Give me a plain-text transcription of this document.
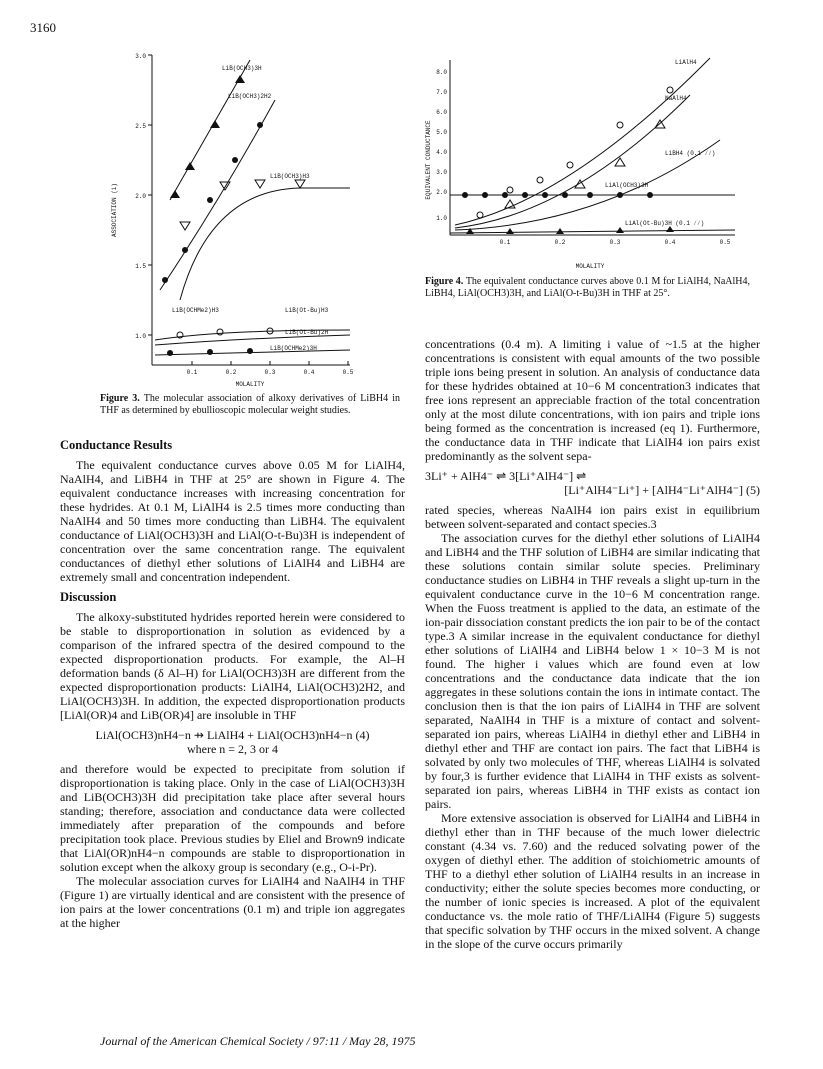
3160
LiB(OCH3)3H
LiB(OCH3)2H2
LiB(OCH3)H3
LiB(OCHMe2)H3	LiB(Ot-Bu)H3
LiB(Ot-Bu)2H
LiB(OCHMe2)3H
3.0
2.5
2.0
1.5
1.0
0.1	0.2	0.3	0.4	0.5
MOLALITY
ASSOCIATION (i)
Figure 3. The molecular association of alkoxy derivatives of LiBH4 in THF as determined by ebullioscopic molecular weight studies.
LiAlH4
NaAlH4
LiBH4 (0.1 ⁄⁄)
LiAl(OCH3)3H
LiAl(Ot-Bu)3H (0.1 ⁄⁄)
8.0
7.0
6.0
5.0
4.0
3.0
2.0
1.0
0.1	0.2	0.3	0.4	0.5
MOLALITY
EQUIVALENT CONDUCTANCE
Figure 4. The equivalent conductance curves above 0.1 M for LiAlH4, NaAlH4, LiBH4, LiAl(OCH3)3H, and LiAl(O-t-Bu)3H in THF at 25°.
Conductance Results

The equivalent conductance curves above 0.05 M for LiAlH4, NaAlH4, and LiBH4 in THF at 25° are shown in Figure 4. The equivalent conductance increases with increasing concentration for these hydrides. At 0.1 M, LiAlH4 is 2.5 times more conducting than NaAlH4 and 50 times more conducting than LiBH4. The equivalent conductance of LiAl(OCH3)3H and LiAl(O-t-Bu)3H is independent of concentration over the same concentration range. The equivalent conductances of diethyl ether solutions of LiAlH4 and LiBH4 are extremely small and concentration independent.

Discussion

The alkoxy-substituted hydrides reported herein were considered to be stable to disproportionation in solution as evidenced by a comparison of the infrared spectra of the desired compound to the expected disproportionation products. For example, the Al–H deformation bands (δ Al–H) for LiAl(OCH3)3H are different from the expected disproportionation products: LiAlH4, LiAl(OCH3)2H2, and LiAl(OCH3)3H. In addition, the expected disproportionation products [LiAl(OR)4 and LiB(OR)4] are insoluble in THF

LiAl(OCH3)nH4−n ⇸ LiAlH4 + LiAl(OCH3)nH4−n (4)
where n = 2, 3 or 4

and therefore would be expected to precipitate from solution if disproportionation is taking place. Only in the case of LiAl(OCH3)3H and LiB(OCH3)3H did precipitation take place after several hours standing; therefore, association and conductance data were collected immediately after preparation of the compounds and before precipitation took place. Previous studies by Eliel and Brown9 indicate that LiAl(OR)nH4−n compounds are stable to disproportionation in solution except when the alkoxy group is secondary (e.g., O-i-Pr).

The molecular association curves for LiAlH4 and NaAlH4 in THF (Figure 1) are virtually identical and are consistent with the presence of ion pairs at the lower concentrations (0.1 m) and triple ion aggregates at the higher

concentrations (0.4 m). A limiting i value of ~1.5 at the higher concentrations is consistent with equal amounts of the two possible triple ions being present in solution. An analysis of conductance data for these hydrides obtained at 10−6 M concentration3 indicates that free ions represent an appreciable fraction of the total concentration only at the most dilute concentrations, with ion pairs and triple ions being formed as the concentration is increased (eq 1). Furthermore, the conductance data in THF indicate that LiAlH4 ion pairs exist predominantly as the solvent sepa-

3Li⁺ + AlH4⁻ ⇌ 3[Li⁺AlH4⁻] ⇌
[Li⁺AlH4⁻Li⁺] + [AlH4⁻Li⁺AlH4⁻] (5)

rated species, whereas NaAlH4 ion pairs exist in equilibrium between solvent-separated and contact species.3

The association curves for the diethyl ether solutions of LiAlH4 and LiBH4 and the THF solution of LiBH4 are similar indicating that these solutions contain similar solute species. Preliminary conductance studies on LiBH4 in THF reveals a slight up-turn in the equivalent conductance curve in the 10−6 M concentration range. When the Fuoss treatment is applied to the data, an estimate of the ion-pair dissociation constant predicts the ion pair to be of the contact type.3 A similar increase in the equivalent conductance for diethyl ether solutions of LiAlH4 and LiBH4 below 1 × 10−3 M is not found. The higher i values which are found even at low concentrations and the conductance data indicate that the ion aggregates in these solutions contain the ions in intimate contact. The conclusion then is that the ion pairs of LiAlH4 in THF are solvent separated, NaAlH4 in THF is a mixture of contact and solvent-separated ion pairs, whereas LiAlH4 in diethyl ether and LiBH4 in diethyl ether and THF are contact ion pairs. The fact that LiBH4 is solvated by only two molecules of THF, whereas LiAlH4 is solvated by four,3 is further evidence that LiAlH4 in THF exists as solvent-separated ion pairs, whereas LiBH4 in THF exists as contact ion pairs.

More extensive association is observed for LiAlH4 and LiBH4 in diethyl ether than in THF because of the much lower dielectric constant (4.34 vs. 7.60) and the reduced solvating power of the oxygen of diethyl ether. The addition of stoichiometric amounts of THF to a diethyl ether solution of LiAlH4 results in an increase in conductivity; either the solute species becomes more conducting, or the number of ionic species is increased. A plot of the equivalent conductance vs. the mole ratio of THF/LiAlH4 (Figure 5) suggests that specific solvation by THF occurs in the mixed solvent. A change in the slope of the curve occurs primarily

Journal of the American Chemical Society / 97:11 / May 28, 1975
